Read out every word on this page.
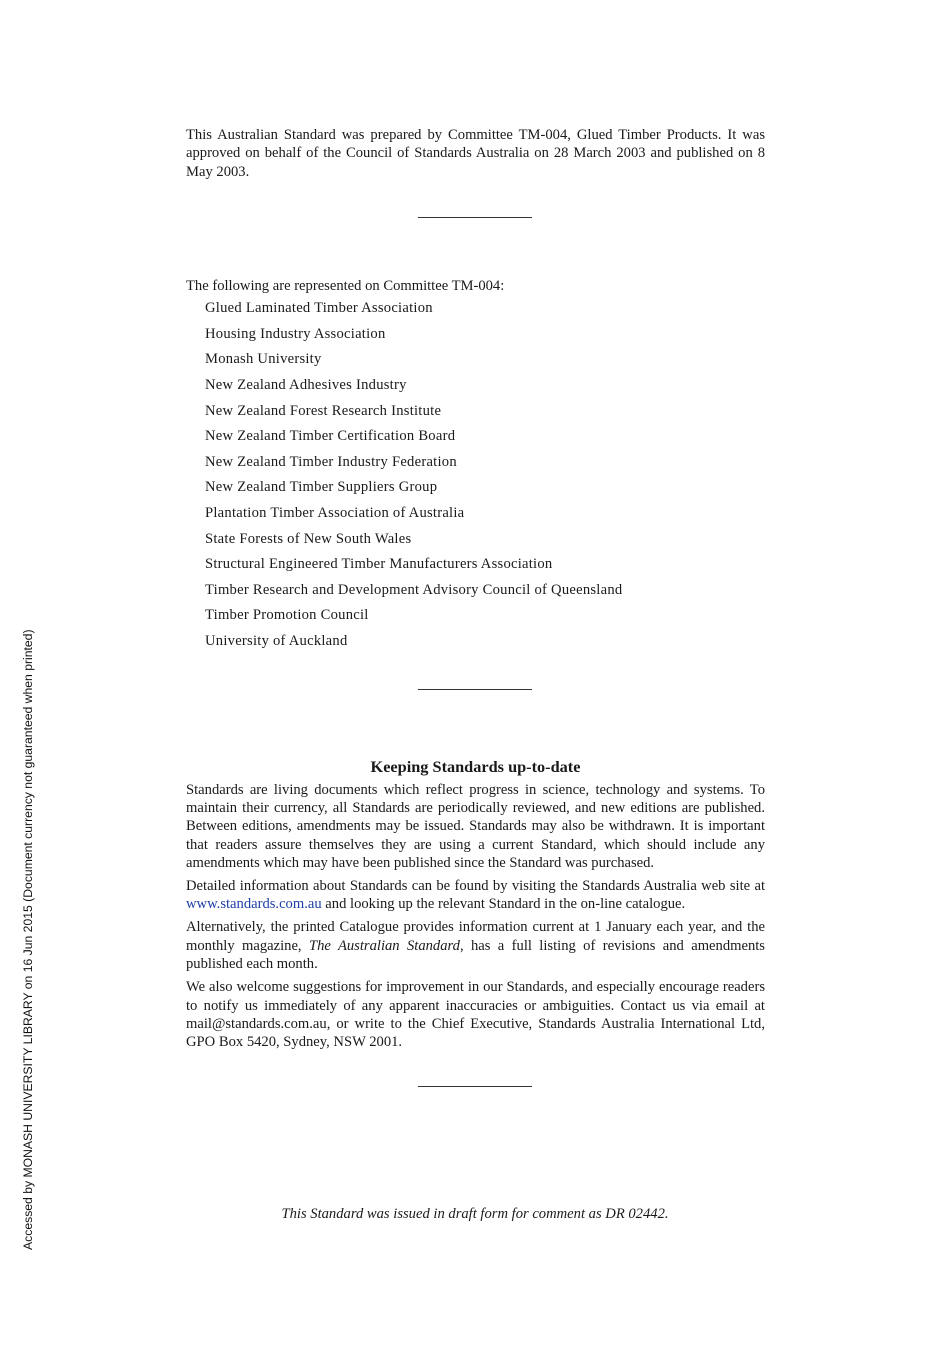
Accessed by MONASH UNIVERSITY LIBRARY on 16 Jun 2015 (Document currency not guaranteed when printed)

This Australian Standard was prepared by Committee TM-004, Glued Timber Products. It was approved on behalf of the Council of Standards Australia on 28 March 2003 and published on 8 May 2003.

The following are represented on Committee TM-004:

Glued Laminated Timber Association
Housing Industry Association
Monash University
New Zealand Adhesives Industry
New Zealand Forest Research Institute
New Zealand Timber Certification Board
New Zealand Timber Industry Federation
New Zealand Timber Suppliers Group
Plantation Timber Association of Australia
State Forests of New South Wales
Structural Engineered Timber Manufacturers Association
Timber Research and Development Advisory Council of Queensland
Timber Promotion Council
University of Auckland
Keeping Standards up-to-date

Standards are living documents which reflect progress in science, technology and systems. To maintain their currency, all Standards are periodically reviewed, and new editions are published. Between editions, amendments may be issued. Standards may also be withdrawn. It is important that readers assure themselves they are using a current Standard, which should include any amendments which may have been published since the Standard was purchased.

Detailed information about Standards can be found by visiting the Standards Australia web site at www.standards.com.au and looking up the relevant Standard in the on-line catalogue.

Alternatively, the printed Catalogue provides information current at 1 January each year, and the monthly magazine, The Australian Standard, has a full listing of revisions and amendments published each month.

We also welcome suggestions for improvement in our Standards, and especially encourage readers to notify us immediately of any apparent inaccuracies or ambiguities. Contact us via email at mail@standards.com.au, or write to the Chief Executive, Standards Australia International Ltd, GPO Box 5420, Sydney, NSW 2001.

This Standard was issued in draft form for comment as DR 02442.
